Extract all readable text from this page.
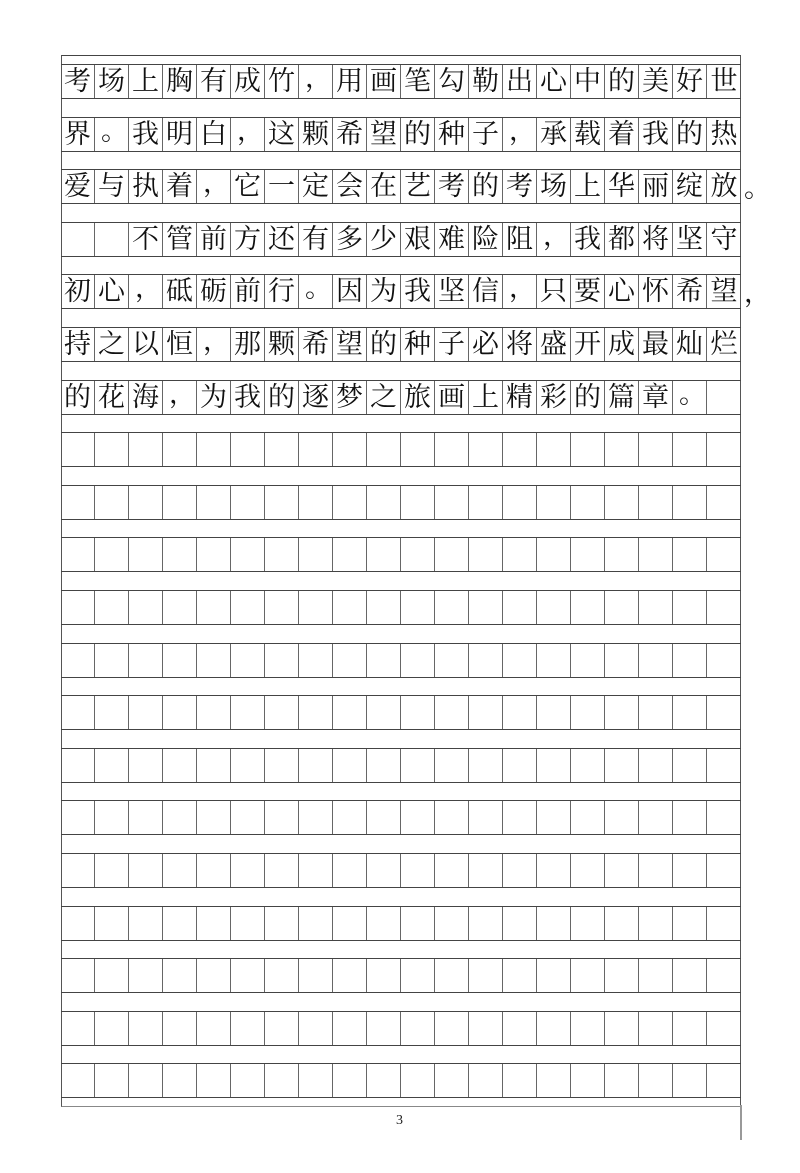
考 场 上 胸 有 成 竹 ， 用 画 笔 勾 勒 出 心 中 的 美 好 世
界 。 我 明 白 ， 这 颗 希 望 的 种 子 ， 承 载 着 我 的 热
爱 与 执 着 ， 它 一 定 会 在 艺 考 的 考 场 上 华 丽 绽 放
不 管 前 方 还 有 多 少 艰 难 险 阻 ， 我 都 将 坚 守
初 心 ， 砥 砺 前 行 。 因 为 我 坚 信 ， 只 要 心 怀 希 望
持 之 以 恒 ， 那 颗 希 望 的 种 子 必 将 盛 开 成 最 灿 烂
的 花 海 ， 为 我 的 逐 梦 之 旅 画 上 精 彩 的 篇 章 。
3
。
，
